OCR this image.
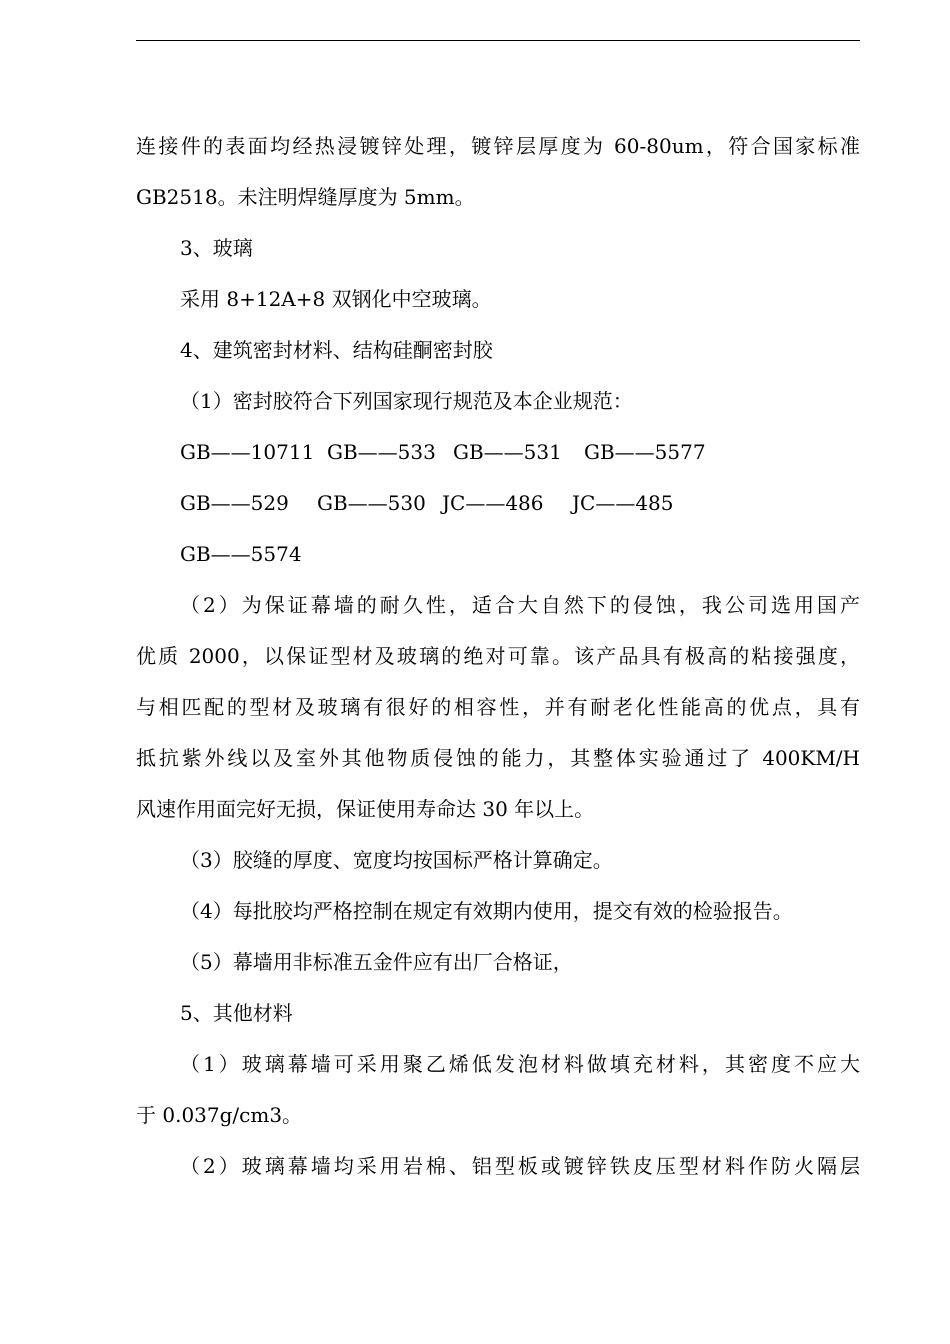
连接件的表面均经热浸镀锌处理，镀锌层厚度为 60-80um，符合国家标准
GB2518。未注明焊缝厚度为 5mm。
3、玻璃
采用 8+12A+8 双钢化中空玻璃。
4、建筑密封材料、结构硅酮密封胶
（1）密封胶符合下列国家现行规范及本企业规范：
GB——10711 GB——533 GB——531 GB——5577
GB——529 GB——530 JC——486 JC——485
GB——5574
（2）为保证幕墙的耐久性，适合大自然下的侵蚀，我公司选用国产
优质 2000，以保证型材及玻璃的绝对可靠。该产品具有极高的粘接强度，
与相匹配的型材及玻璃有很好的相容性，并有耐老化性能高的优点，具有
抵抗紫外线以及室外其他物质侵蚀的能力，其整体实验通过了 400KM/H
风速作用面完好无损，保证使用寿命达 30 年以上。
（3）胶缝的厚度、宽度均按国标严格计算确定。
（4）每批胶均严格控制在规定有效期内使用，提交有效的检验报告。
（5）幕墙用非标准五金件应有出厂合格证，
5、其他材料
（1）玻璃幕墙可采用聚乙烯低发泡材料做填充材料，其密度不应大
于 0.037g/cm3。
（2）玻璃幕墙均采用岩棉、铝型板或镀锌铁皮压型材料作防火隔层
